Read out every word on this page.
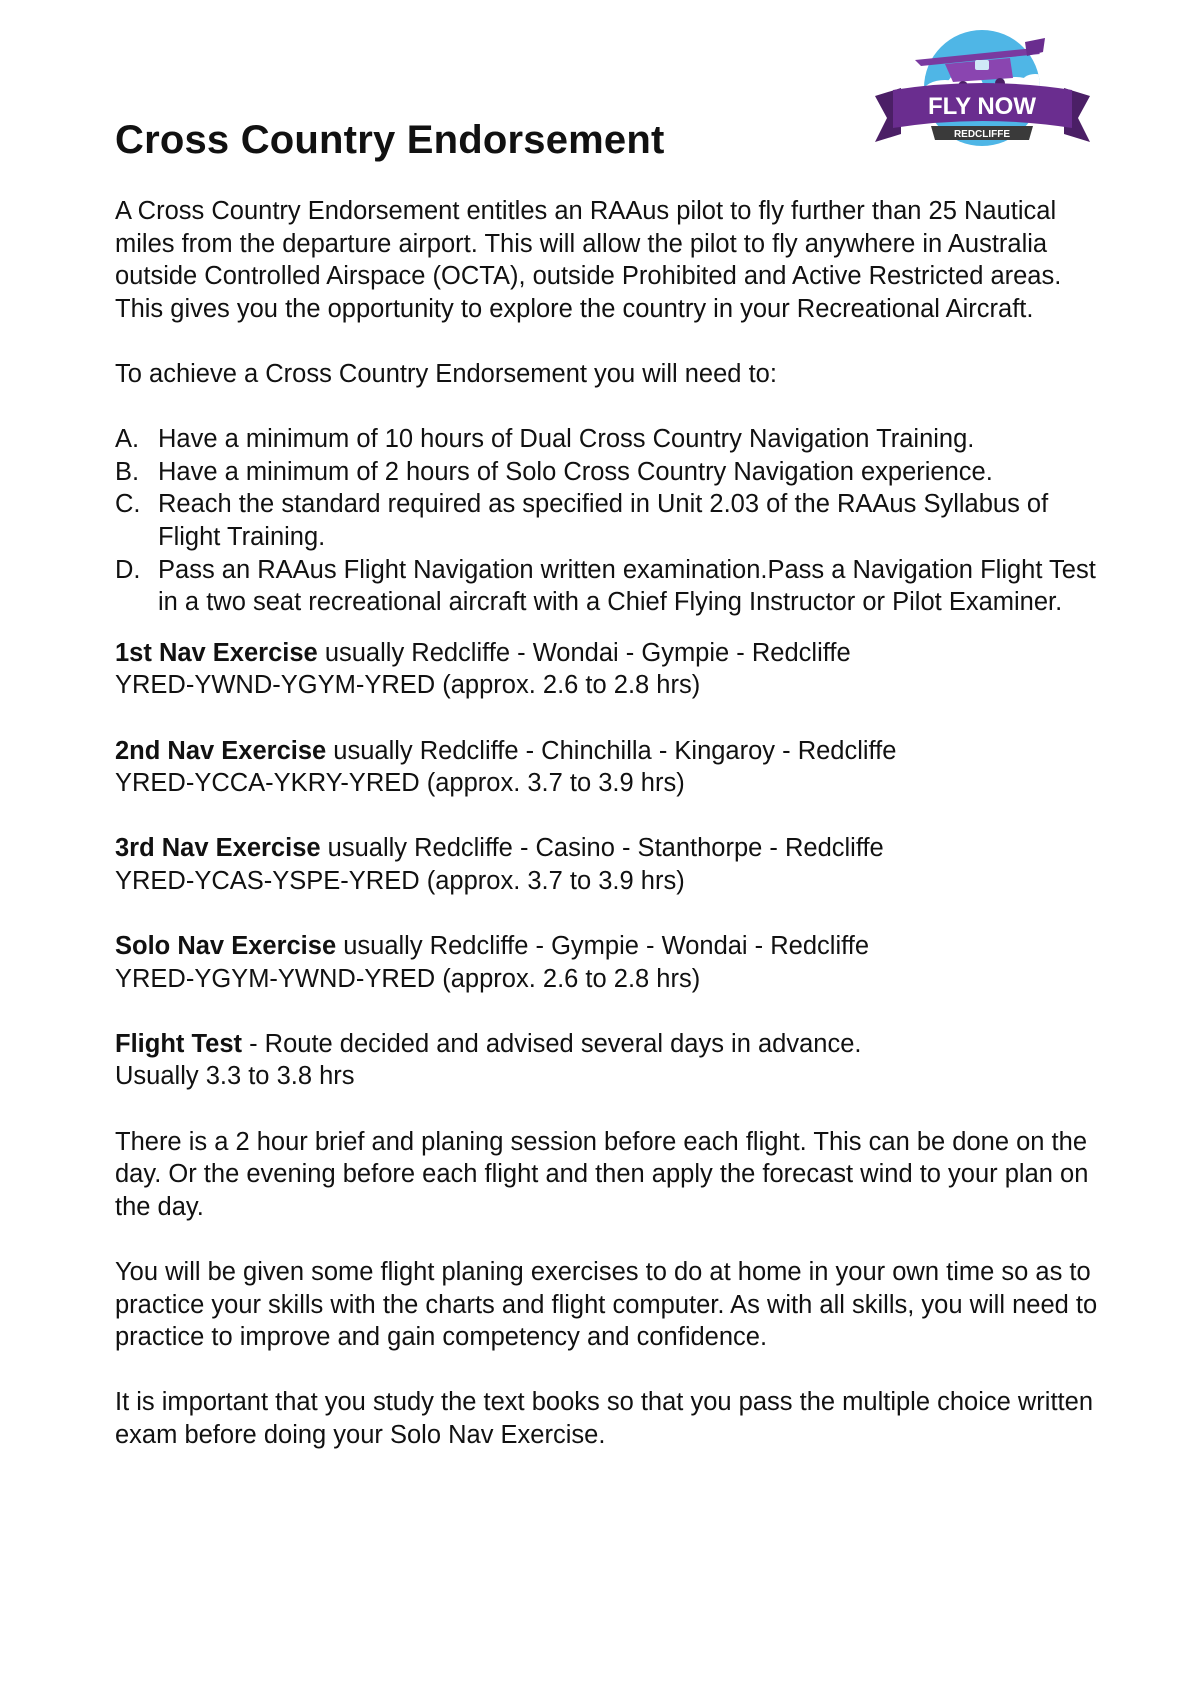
FLY NOW
REDCLIFFE
Cross Country Endorsement

A Cross Country Endorsement entitles an RAAus pilot to fly further than 25 Nautical miles from the departure airport. This will allow the pilot to fly anywhere in Australia outside Controlled Airspace (OCTA), outside Prohibited and Active Restricted areas. This gives you the opportunity to explore the country in your Recreational Aircraft.

To achieve a Cross Country Endorsement you will need to:

A. Have a minimum of 10 hours of Dual Cross Country Navigation Training.
B. Have a minimum of 2 hours of Solo Cross Country Navigation experience.
C. Reach the standard required as specified in Unit 2.03 of the RAAus Syllabus of Flight Training.
D. Pass an RAAus Flight Navigation written examination.Pass a Navigation Flight Test in a two seat recreational aircraft with a Chief Flying Instructor or Pilot Examiner.
1st Nav Exercise usually Redcliffe - Wondai - Gympie - Redcliffe
YRED-YWND-YGYM-YRED (approx. 2.6 to 2.8 hrs)
2nd Nav Exercise usually Redcliffe - Chinchilla - Kingaroy - Redcliffe
YRED-YCCA-YKRY-YRED (approx. 3.7 to 3.9 hrs)
3rd Nav Exercise usually Redcliffe - Casino - Stanthorpe - Redcliffe
YRED-YCAS-YSPE-YRED (approx. 3.7 to 3.9 hrs)
Solo Nav Exercise usually Redcliffe - Gympie - Wondai - Redcliffe
YRED-YGYM-YWND-YRED (approx. 2.6 to 2.8 hrs)
Flight Test - Route decided and advised several days in advance.
Usually 3.3 to 3.8 hrs

There is a 2 hour brief and planing session before each flight. This can be done on the day. Or the evening before each flight and then apply the forecast wind to your plan on the day.

You will be given some flight planing exercises to do at home in your own time so as to practice your skills with the charts and flight computer. As with all skills, you will need to practice to improve and gain competency and confidence.

It is important that you study the text books so that you pass the multiple choice written exam before doing your Solo Nav Exercise.
